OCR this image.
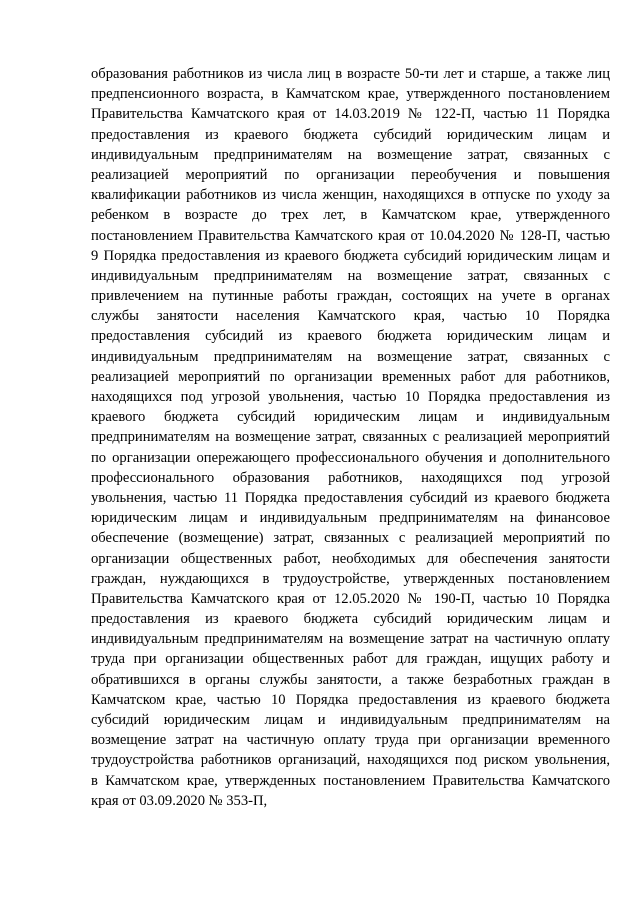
образования работников из числа лиц в возрасте 50-ти лет и старше, а также лиц
предпенсионного возраста, в Камчатском крае, утвержденного постановлением
Правительства Камчатского края от 14.03.2019 № 122-П, частью 11 Порядка
предоставления из краевого бюджета субсидий юридическим лицам и
индивидуальным предпринимателям на возмещение затрат, связанных с
реализацией мероприятий по организации переобучения и повышения
квалификации работников из числа женщин, находящихся в отпуске по уходу за
ребенком в возрасте до трех лет, в Камчатском крае, утвержденного
постановлением Правительства Камчатского края от 10.04.2020 № 128-П, частью
9 Порядка предоставления из краевого бюджета субсидий юридическим лицам и
индивидуальным предпринимателям на возмещение затрат, связанных с
привлечением на путинные работы граждан, состоящих на учете в органах
службы занятости населения Камчатского края, частью 10 Порядка
предоставления субсидий из краевого бюджета юридическим лицам и
индивидуальным предпринимателям на возмещение затрат, связанных с
реализацией мероприятий по организации временных работ для работников,
находящихся под угрозой увольнения, частью 10 Порядка предоставления из
краевого бюджета субсидий юридическим лицам и индивидуальным
предпринимателям на возмещение затрат, связанных с реализацией мероприятий
по организации опережающего профессионального обучения и дополнительного
профессионального образования работников, находящихся под угрозой
увольнения, частью 11 Порядка предоставления субсидий из краевого бюджета
юридическим лицам и индивидуальным предпринимателям на финансовое
обеспечение (возмещение) затрат, связанных с реализацией мероприятий по
организации общественных работ, необходимых для обеспечения занятости
граждан, нуждающихся в трудоустройстве, утвержденных постановлением
Правительства Камчатского края от 12.05.2020 № 190-П, частью 10 Порядка
предоставления из краевого бюджета субсидий юридическим лицам и
индивидуальным предпринимателям на возмещение затрат на частичную оплату
труда при организации общественных работ для граждан, ищущих работу и
обратившихся в органы службы занятости, а также безработных граждан в
Камчатском крае, частью 10 Порядка предоставления из краевого бюджета
субсидий юридическим лицам и индивидуальным предпринимателям на
возмещение затрат на частичную оплату труда при организации временного
трудоустройства работников организаций, находящихся под риском увольнения,
в Камчатском крае, утвержденных постановлением Правительства Камчатского
края от 03.09.2020 № 353-П,
